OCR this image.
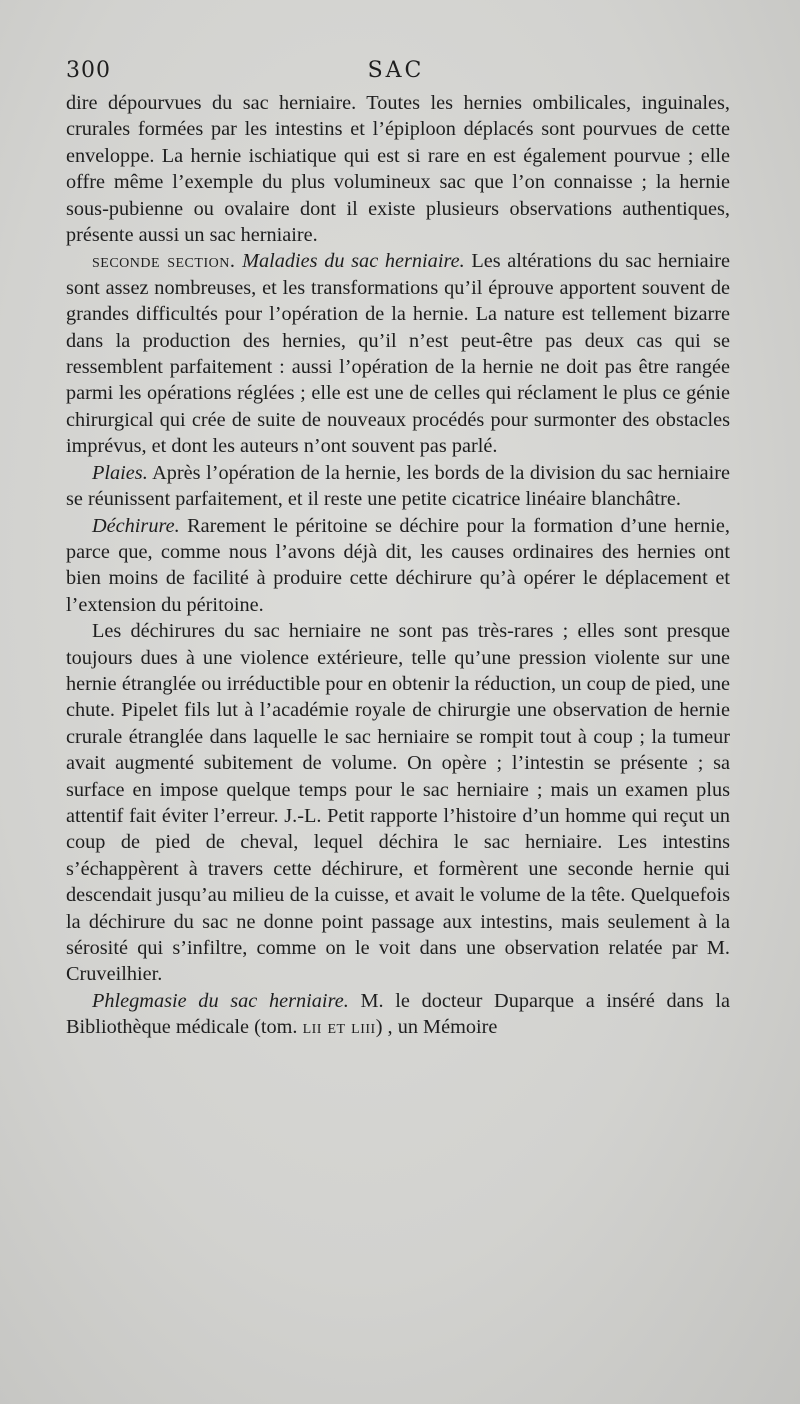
300	SAC

dire dépourvues du sac herniaire. Toutes les hernies ombilicales, inguinales, crurales formées par les intestins et l’épiploon déplacés sont pourvues de cette enveloppe. La hernie ischiatique qui est si rare en est également pourvue ; elle offre même l’exemple du plus volumineux sac que l’on connaisse ; la hernie sous-pubienne ou ovalaire dont il existe plusieurs observations authentiques, présente aussi un sac herniaire.

seconde section. Maladies du sac herniaire. Les altérations du sac herniaire sont assez nombreuses, et les transformations qu’il éprouve apportent souvent de grandes difficultés pour l’opération de la hernie. La nature est tellement bizarre dans la production des hernies, qu’il n’est peut-être pas deux cas qui se ressemblent parfaitement : aussi l’opération de la hernie ne doit pas être rangée parmi les opérations réglées ; elle est une de celles qui réclament le plus ce génie chirurgical qui crée de suite de nouveaux procédés pour surmonter des obstacles imprévus, et dont les auteurs n’ont souvent pas parlé.

Plaies. Après l’opération de la hernie, les bords de la division du sac herniaire se réunissent parfaitement, et il reste une petite cicatrice linéaire blanchâtre.

Déchirure. Rarement le péritoine se déchire pour la formation d’une hernie, parce que, comme nous l’avons déjà dit, les causes ordinaires des hernies ont bien moins de facilité à produire cette déchirure qu’à opérer le déplacement et l’extension du péritoine.

Les déchirures du sac herniaire ne sont pas très-rares ; elles sont presque toujours dues à une violence extérieure, telle qu’une pression violente sur une hernie étranglée ou irréductible pour en obtenir la réduction, un coup de pied, une chute. Pipelet fils lut à l’académie royale de chirurgie une observation de hernie crurale étranglée dans laquelle le sac herniaire se rompit tout à coup ; la tumeur avait augmenté subitement de volume. On opère ; l’intestin se présente ; sa surface en impose quelque temps pour le sac herniaire ; mais un examen plus attentif fait éviter l’erreur. J.-L. Petit rapporte l’histoire d’un homme qui reçut un coup de pied de cheval, lequel déchira le sac herniaire. Les intestins s’échappèrent à travers cette déchirure, et formèrent une seconde hernie qui descendait jusqu’au milieu de la cuisse, et avait le volume de la tête. Quelquefois la déchirure du sac ne donne point passage aux intestins, mais seulement à la sérosité qui s’infiltre, comme on le voit dans une observation relatée par M. Cruveilhier.

Phlegmasie du sac herniaire. M. le docteur Duparque a inséré dans la Bibliothèque médicale (tom. lii et liii) , un Mémoire
